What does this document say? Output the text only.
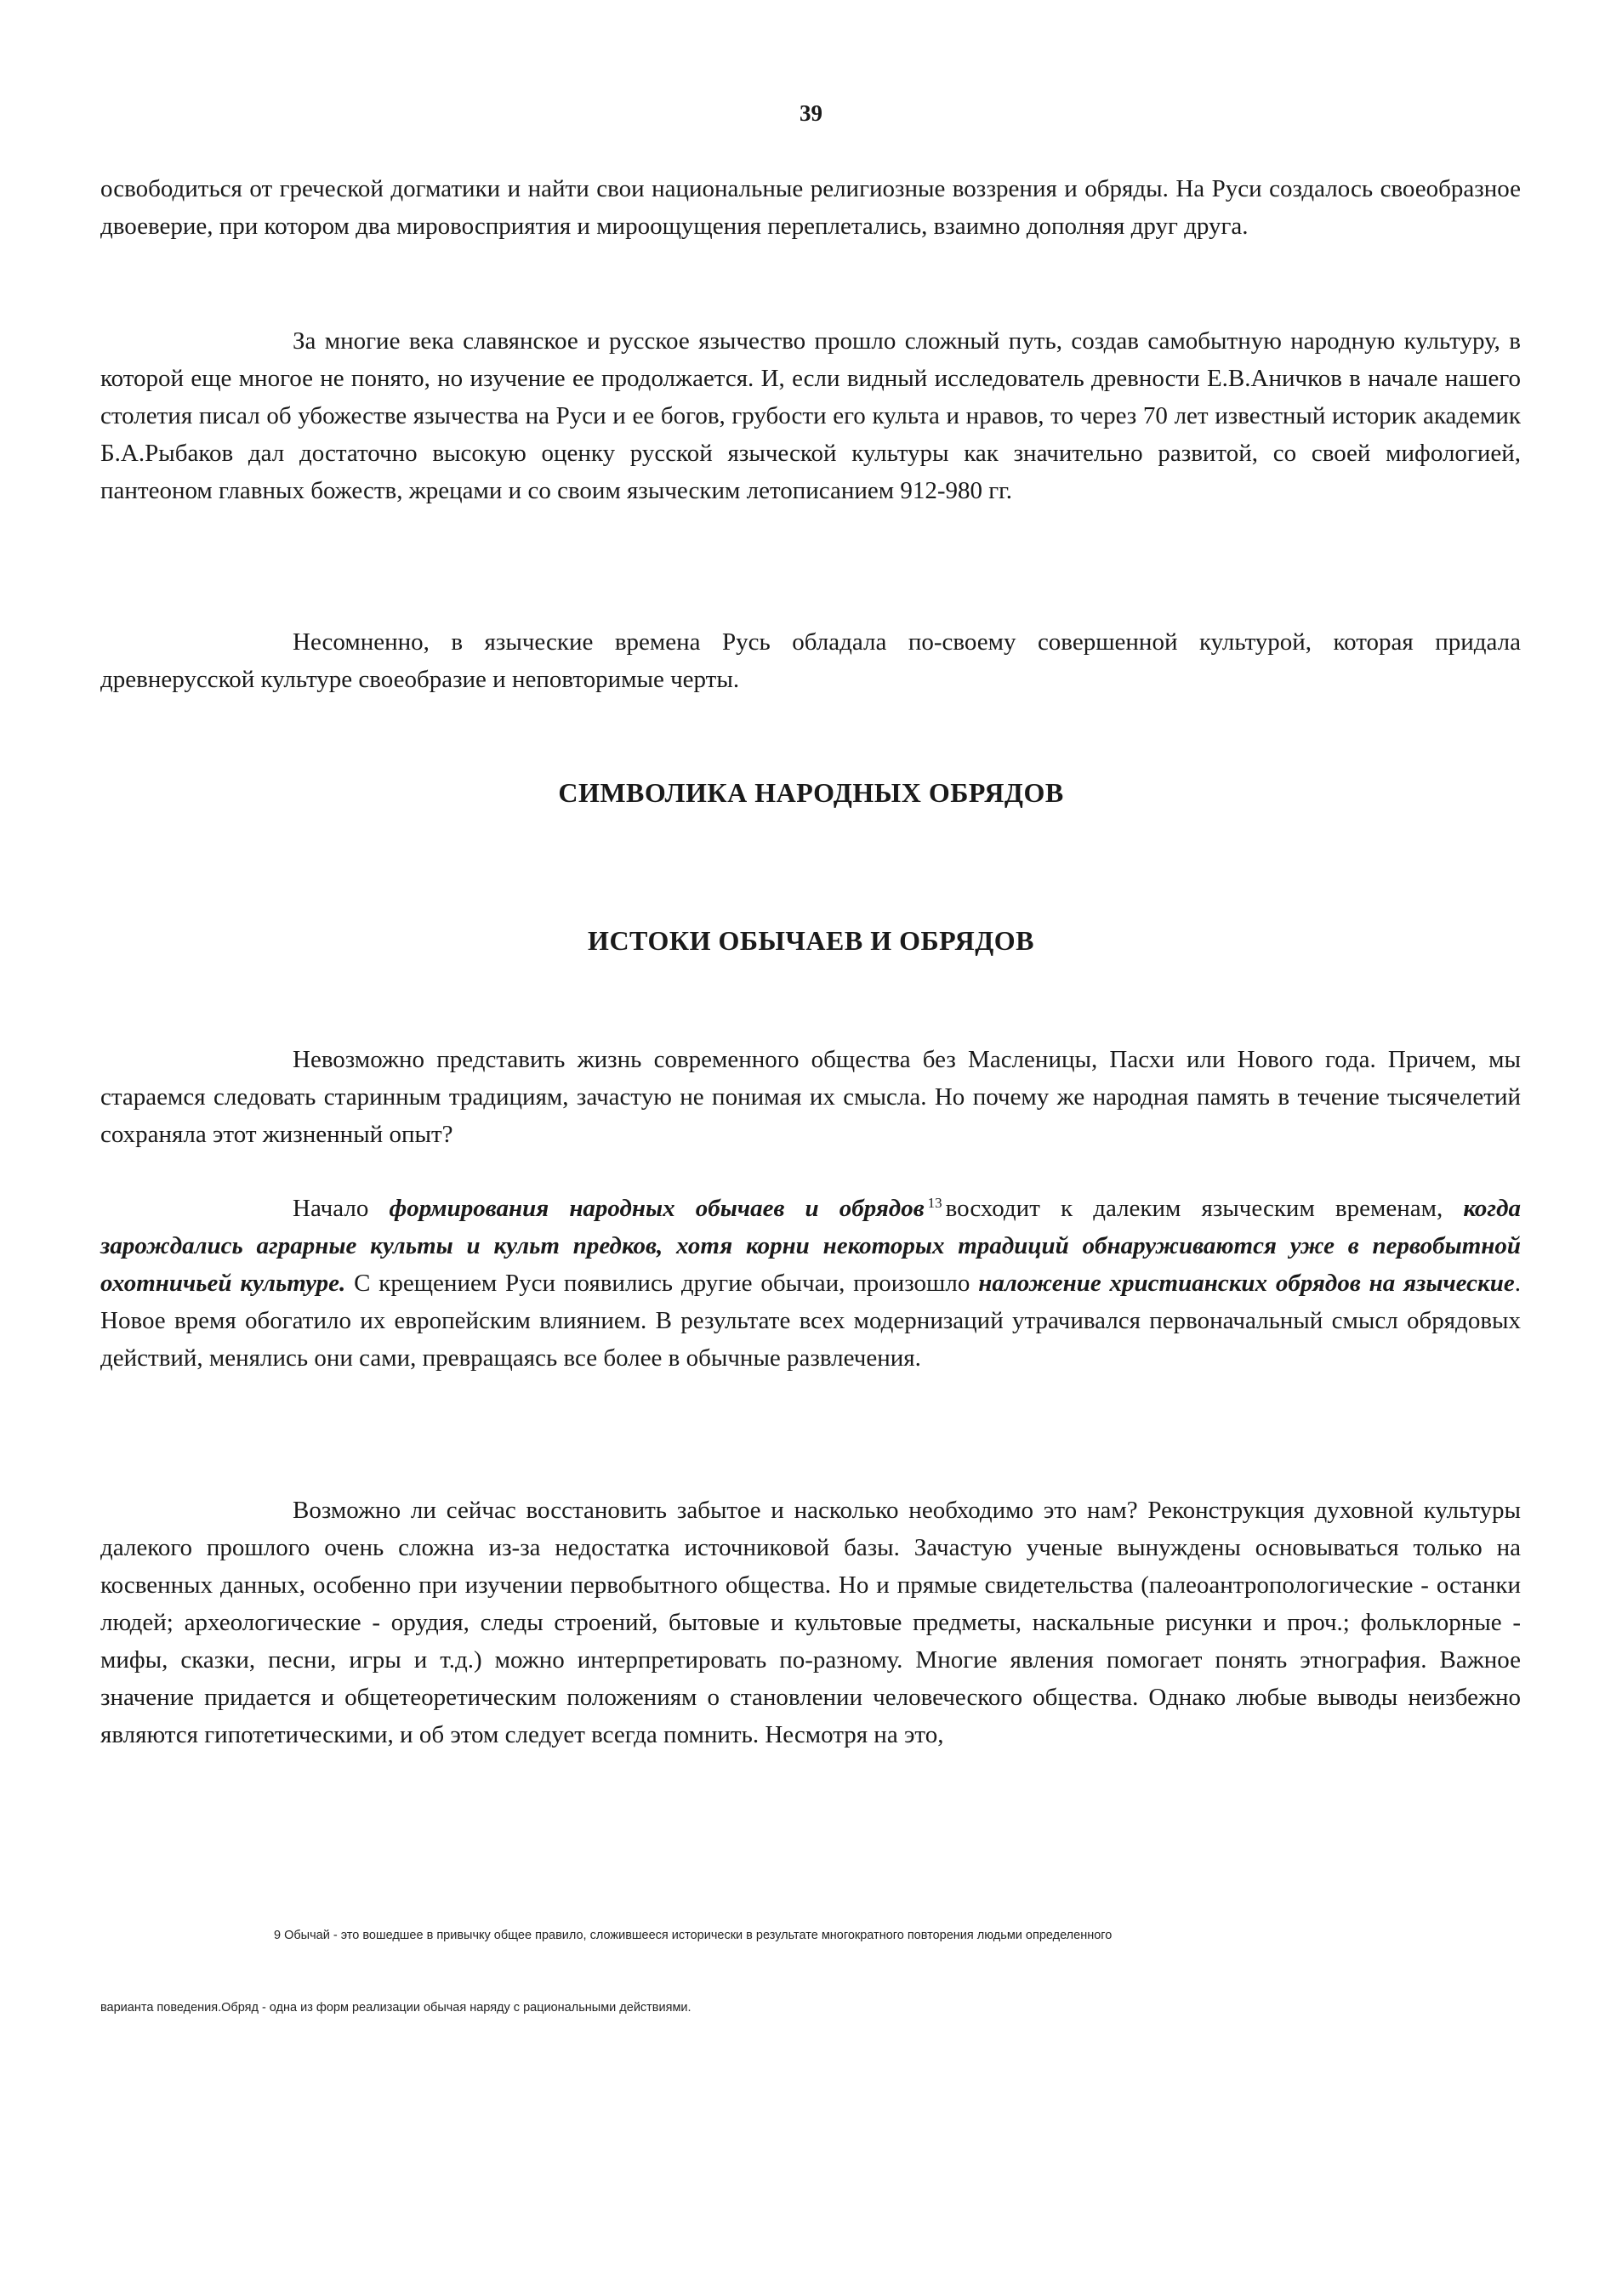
39

освободиться от греческой догматики и найти свои национальные религиозные воззрения и обряды. На Руси создалось своеобразное двоеверие, при котором два мировосприятия и мироощущения переплетались, взаимно дополняя друг друга.

За многие века славянское и русское язычество прошло сложный путь, создав самобытную народную культуру, в которой еще многое не понято, но изучение ее продолжается. И, если видный исследователь древности Е.В.Аничков в начале нашего столетия писал об убожестве язычества на Руси и ее богов, грубости его культа и нравов, то через 70 лет известный историк академик Б.А.Рыбаков дал достаточно высокую оценку русской языческой культуры как значительно развитой, со своей мифологией, пантеоном главных божеств, жрецами и со своим языческим летописанием 912-980 гг.

Несомненно, в языческие времена Русь обладала по-своему совершенной культурой, которая придала древнерусской культуре своеобразие и неповторимые черты.

СИМВОЛИКА НАРОДНЫХ ОБРЯДОВ
ИСТОКИ ОБЫЧАЕВ И ОБРЯДОВ

Невозможно представить жизнь современного общества без Масленицы, Пасхи или Нового года. Причем, мы стараемся следовать старинным традициям, зачастую не понимая их смысла. Но почему же народная память в течение тысячелетий сохраняла этот жизненный опыт?

Начало формирования народных обычаев и обрядов $^{13}$ восходит к далеким языческим временам, когда зарождались аграрные культы и культ предков, хотя корни некоторых традиций обнаруживаются уже в первобытной охотничьей культуре. С крещением Руси появились другие обычаи, произошло наложение христианских обрядов на языческие. Новое время обогатило их европейским влиянием. В результате всех модернизаций утрачивался первоначальный смысл обрядовых действий, менялись они сами, превращаясь все более в обычные развлечения.

Возможно ли сейчас восстановить забытое и насколько необходимо это нам? Реконструкция духовной культуры далекого прошлого очень сложна из-за недостатка источниковой базы. Зачастую ученые вынуждены основываться только на косвенных данных, особенно при изучении первобытного общества. Но и прямые свидетельства (палеоантропологические - останки людей; археологические - орудия, следы строений, бытовые и культовые предметы, наскальные рисунки и проч.; фольклорные - мифы, сказки, песни, игры и т.д.) можно интерпретировать по-разному. Многие явления помогает понять этнография. Важное значение придается и общетеоретическим положениям о становлении человеческого общества. Однако любые выводы неизбежно являются гипотетическими, и об этом следует всегда помнить. Несмотря на это,

9 Обычай - это вошедшее в привычку общее правило, сложившееся исторически в результате многократного повторения людьми определенного

варианта поведения.Обряд - одна из форм реализации обычая наряду с рациональными действиями.
